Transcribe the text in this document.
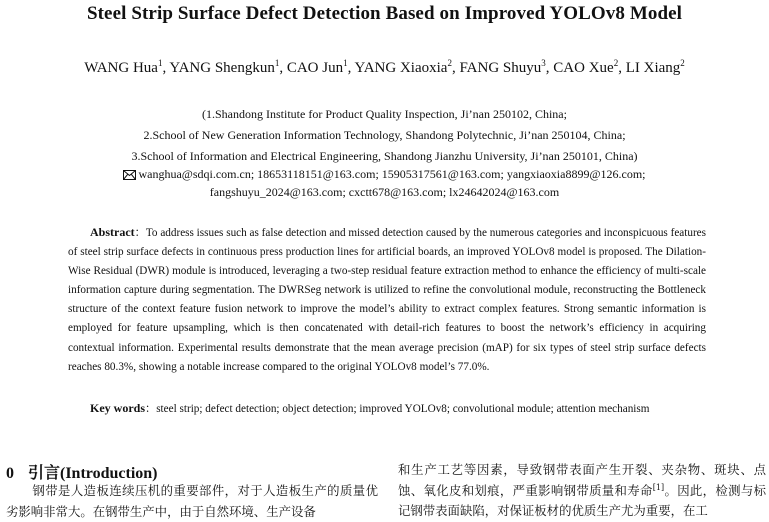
Steel Strip Surface Defect Detection Based on Improved YOLOv8 Model
WANG Hua$^1$, YANG Shengkun$^1$, CAO Jun$^1$, YANG Xiaoxia$^2$, FANG Shuyu$^3$, CAO Xue$^2$, LI Xiang$^2$
(1.Shandong Institute for Product Quality Inspection, Ji’nan 250102, China;
2.School of New Generation Information Technology, Shandong Polytechnic, Ji’nan 250104, China;
3.School of Information and Electrical Engineering, Shandong Jianzhu University, Ji’nan 250101, China)
wanghua@sdqi.com.cn; 18653118151@163.com; 15905317561@163.com; yangxiaoxia8899@126.com;
fangshuyu_2024@163.com; cxctt678@163.com; lx24642024@163.com
Abstract：To address issues such as false detection and missed detection caused by the numerous categories and inconspicuous features of steel strip surface defects in continuous press production lines for artificial boards, an improved YOLOv8 model is proposed. The Dilation-Wise Residual (DWR) module is introduced, leveraging a two-step residual feature extraction method to enhance the efficiency of multi-scale information capture during segmentation. The DWRSeg network is utilized to refine the convolutional module, reconstructing the Bottleneck structure of the context feature fusion network to improve the model’s ability to extract complex features. Strong semantic information is employed for feature upsampling, which is then concatenated with detail-rich features to boost the network’s efficiency in acquiring contextual information. Experimental results demonstrate that the mean average precision (mAP) for six types of steel strip surface defects reaches 80.3%, showing a notable increase compared to the original YOLOv8 model’s 77.0%.
Key words：steel strip; defect detection; object detection; improved YOLOv8; convolutional module; attention mechanism
0 引言(Introduction)
钢带是人造板连续压机的重要部件，对于人造板生产的质量优劣影响非常大。在钢带生产中，由于自然环境、生产设备
和生产工艺等因素，导致钢带表面产生开裂、夹杂物、斑块、点蚀、氧化皮和划痕，严重影响钢带质量和寿命[1]。因此，检测与标记钢带表面缺陷，对保证板材的优质生产尤为重要，在工
